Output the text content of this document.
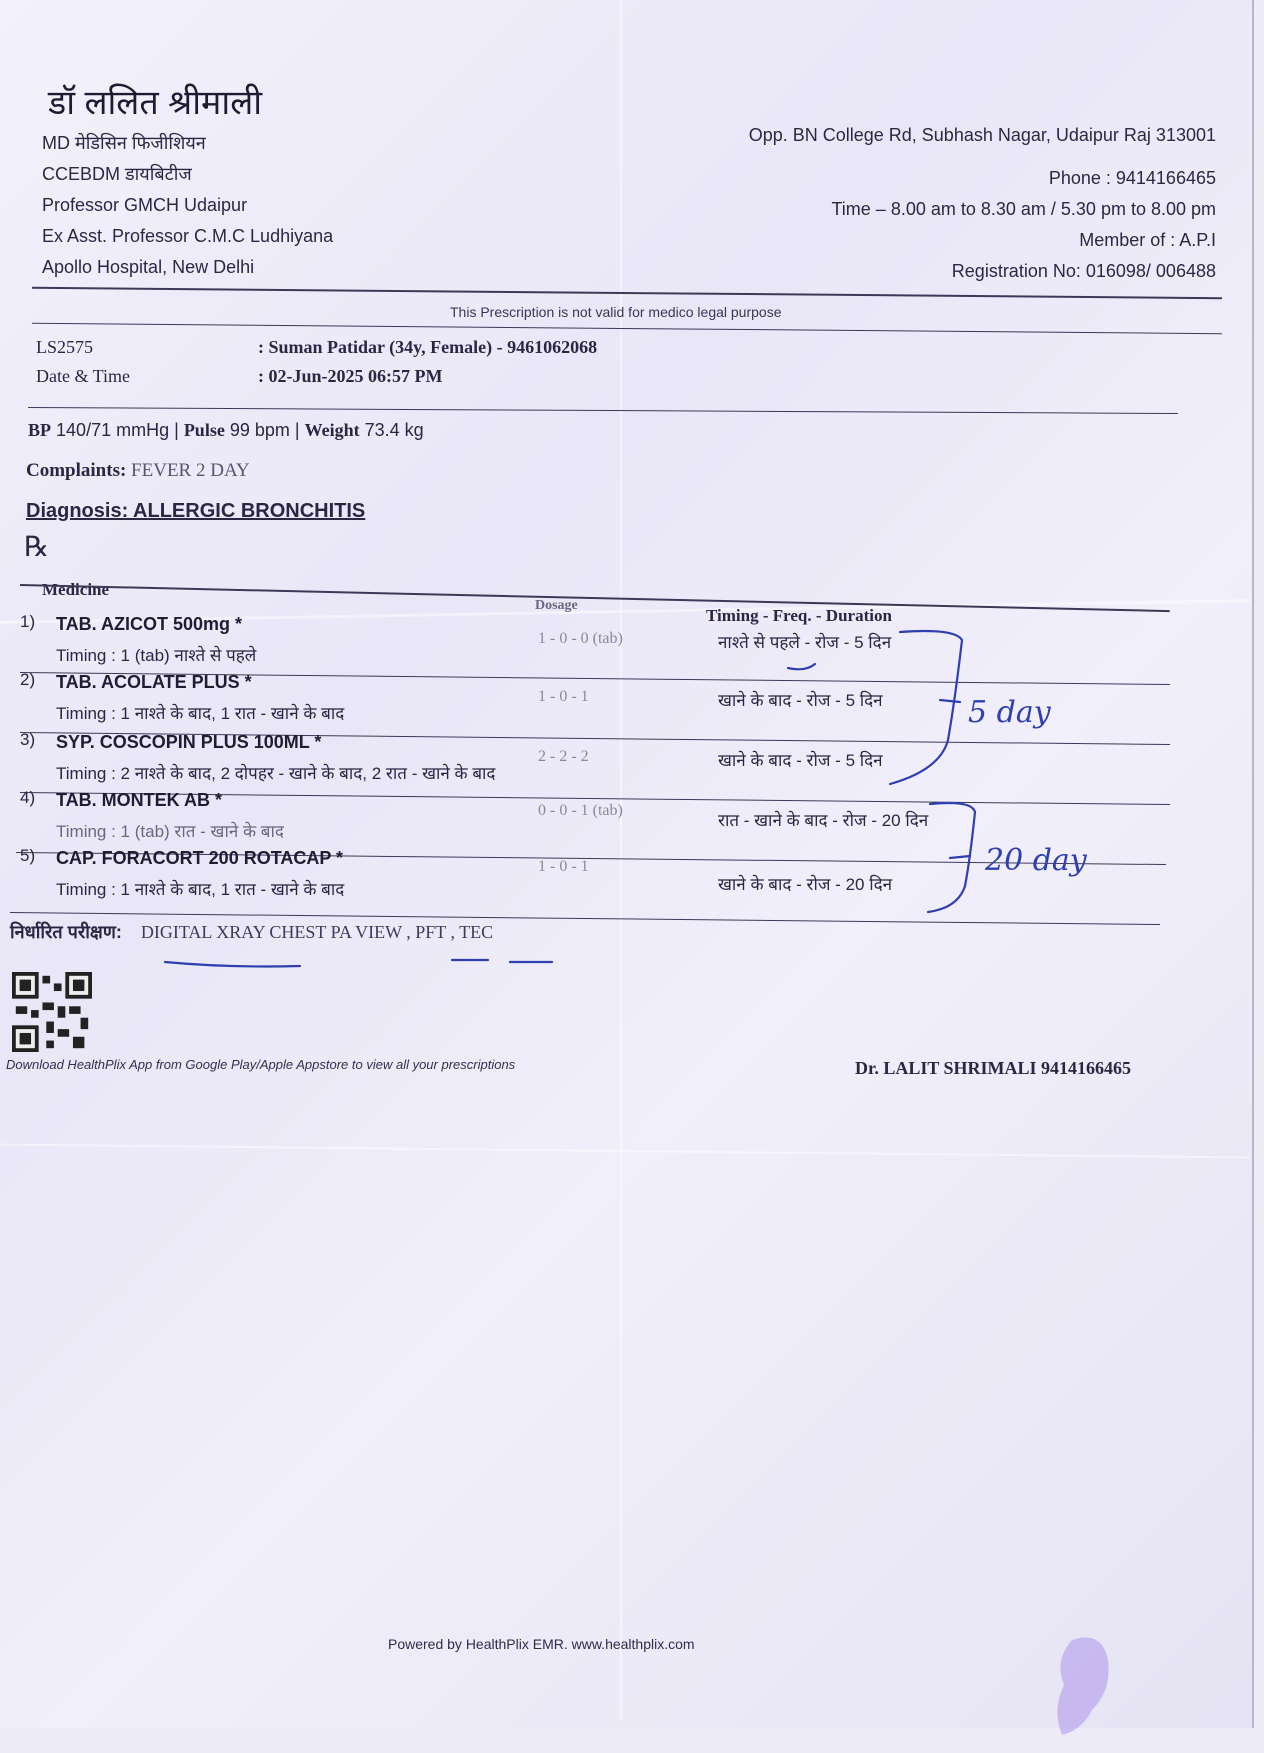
डॉ ललित श्रीमाली
MD मेडिसिन फिजीशियन
CCEBDM डायबिटीज
Professor GMCH Udaipur
Ex Asst. Professor C.M.C Ludhiyana
Apollo Hospital, New Delhi
Opp. BN College Rd, Subhash Nagar, Udaipur Raj 313001
Phone : 9414166465
Time – 8.00 am to 8.30 am / 5.30 pm to 8.00 pm
Member of : A.P.I
Registration No: 016098/ 006488
This Prescription is not valid for medico legal purpose
LS2575	: Suman Patidar (34y, Female) - 9461062068
Date & Time	: 02-Jun-2025 06:57 PM
BP 140/71 mmHg | Pulse 99 bpm | Weight 73.4 kg
Complaints: FEVER 2 DAY
Diagnosis: ALLERGIC BRONCHITIS
℞
Medicine
Dosage
Timing - Freq. - Duration
1) TAB. AZICOT 500mg *
Timing : 1 (tab) नाश्ते से पहले
1 - 0 - 0 (tab)	नाश्ते से पहले - रोज - 5 दिन
2) TAB. ACOLATE PLUS *
Timing : 1 नाश्ते के बाद, 1 रात - खाने के बाद
1 - 0 - 1	खाने के बाद - रोज - 5 दिन
3) SYP. COSCOPIN PLUS 100ML *
Timing : 2 नाश्ते के बाद, 2 दोपहर - खाने के बाद, 2 रात - खाने के बाद
2 - 2 - 2	खाने के बाद - रोज - 5 दिन
4) TAB. MONTEK AB *
Timing : 1 (tab) रात - खाने के बाद
0 - 0 - 1 (tab)
रात - खाने के बाद - रोज - 20 दिन
5) CAP. FORACORT 200 ROTACAP *
Timing : 1 नाश्ते के बाद, 1 रात - खाने के बाद
1 - 0 - 1
खाने के बाद - रोज - 20 दिन
5 day
20 day
निर्धारित परीक्षण: DIGITAL XRAY CHEST PA VIEW , PFT , TEC
Download HealthPlix App from Google Play/Apple Appstore to view all your prescriptions	Dr. LALIT SHRIMALI 9414166465
Powered by HealthPlix EMR. www.healthplix.com
